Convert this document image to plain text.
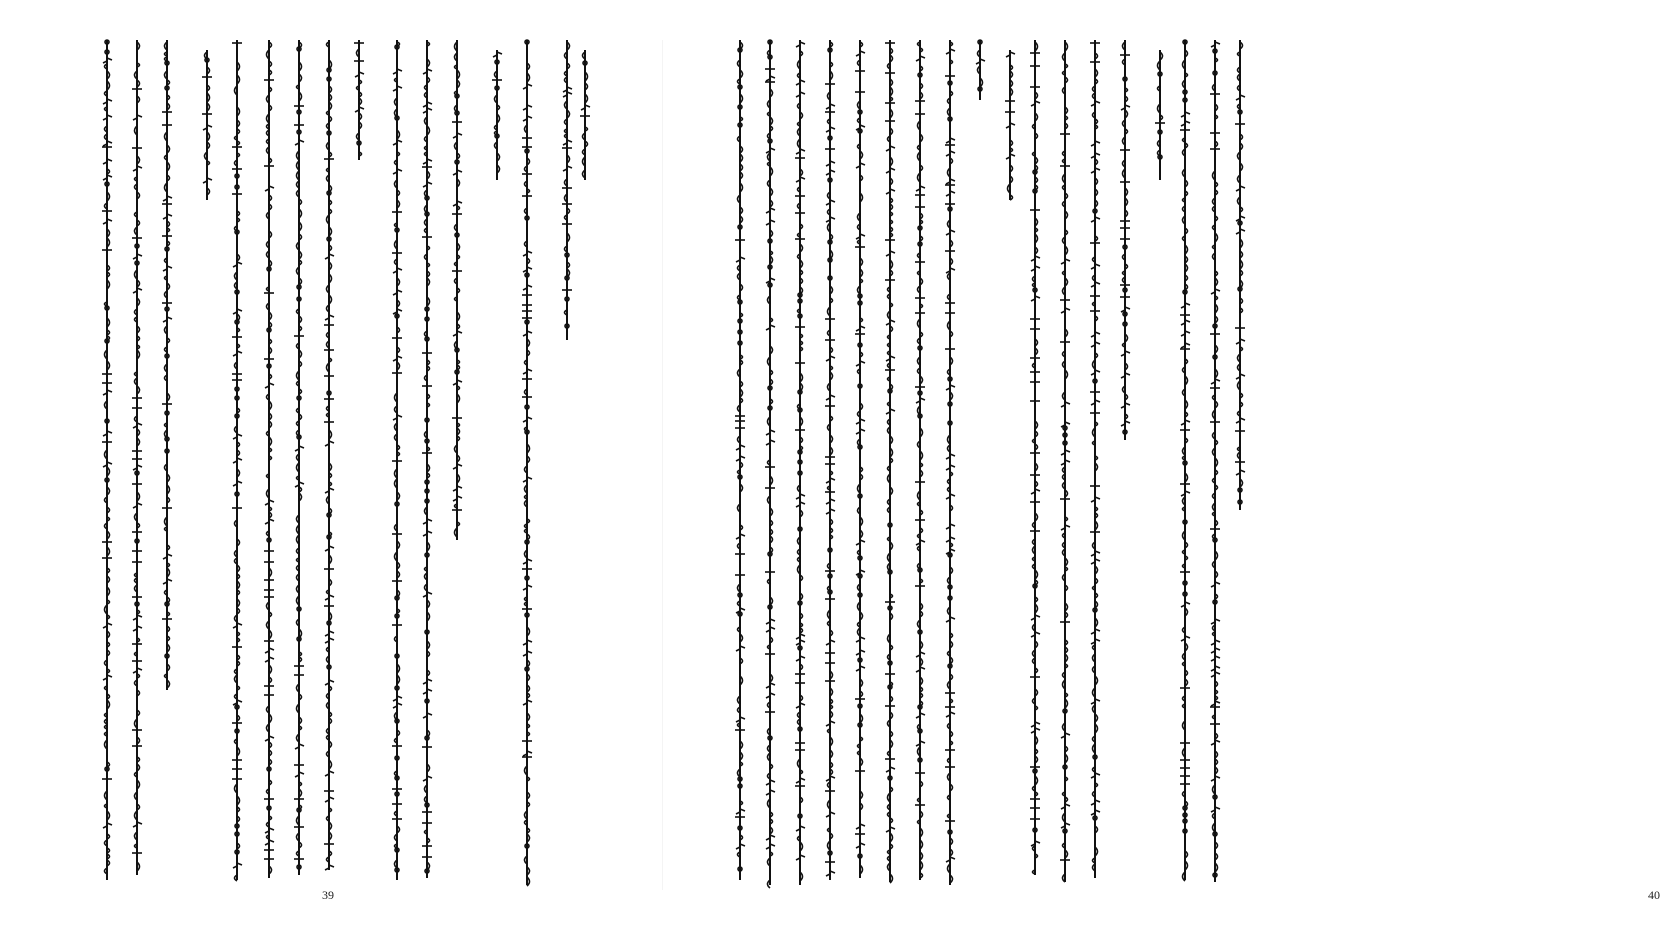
39	40
